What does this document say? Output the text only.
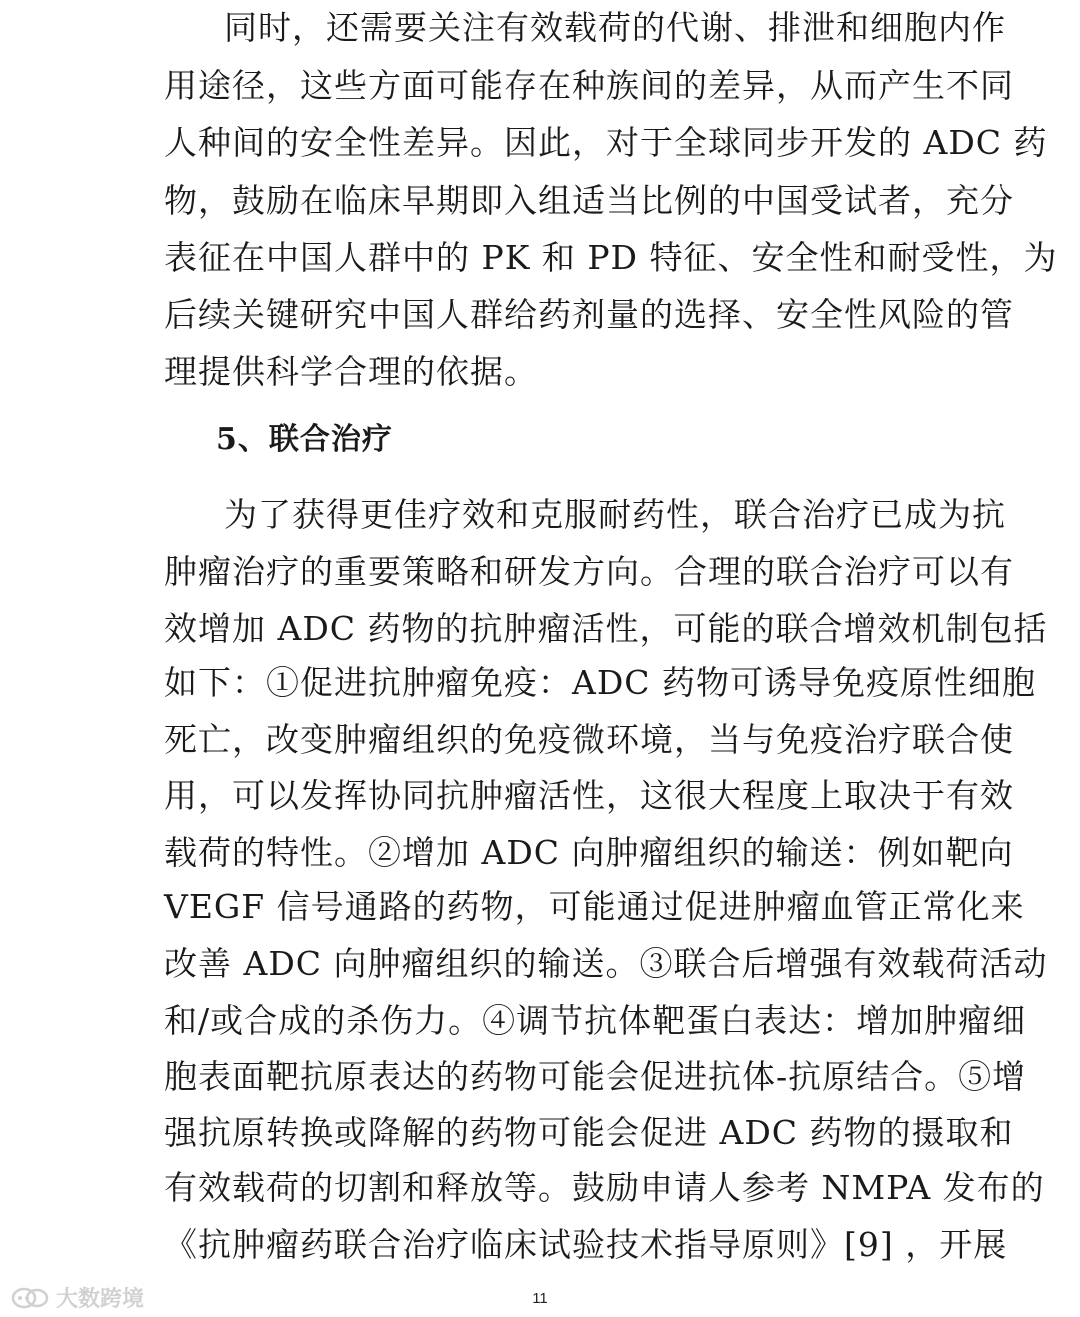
同时，还需要关注有效载荷的代谢、排泄和细胞内作
用途径，这些方面可能存在种族间的差异，从而产生不同
人种间的安全性差异。因此，对于全球同步开发的 ADC 药
物，鼓励在临床早期即入组适当比例的中国受试者，充分
表征在中国人群中的 PK 和 PD 特征、安全性和耐受性，为
后续关键研究中国人群给药剂量的选择、安全性风险的管
理提供科学合理的依据。
5、联合治疗
为了获得更佳疗效和克服耐药性，联合治疗已成为抗
肿瘤治疗的重要策略和研发方向。合理的联合治疗可以有
效增加 ADC 药物的抗肿瘤活性，可能的联合增效机制包括
如下：①促进抗肿瘤免疫：ADC 药物可诱导免疫原性细胞
死亡，改变肿瘤组织的免疫微环境，当与免疫治疗联合使
用，可以发挥协同抗肿瘤活性，这很大程度上取决于有效
载荷的特性。②增加 ADC 向肿瘤组织的输送：例如靶向
VEGF 信号通路的药物，可能通过促进肿瘤血管正常化来
改善 ADC 向肿瘤组织的输送。③联合后增强有效载荷活动
和/或合成的杀伤力。④调节抗体靶蛋白表达：增加肿瘤细
胞表面靶抗原表达的药物可能会促进抗体-抗原结合。⑤增
强抗原转换或降解的药物可能会促进 ADC 药物的摄取和
有效载荷的切割和释放等。鼓励申请人参考 NMPA 发布的
《抗肿瘤药联合治疗临床试验技术指导原则》[9] ，开展
大数跨境	11
